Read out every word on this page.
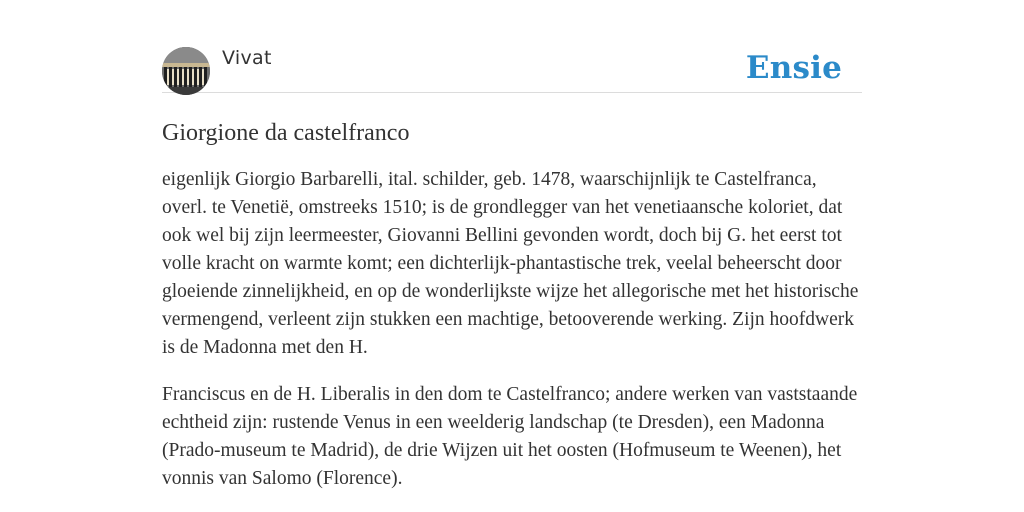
Vivat	Ensie
Giorgione da castelfranco

eigenlijk Giorgio Barbarelli, ital. schilder, geb. 1478, waarschijnlijk te Castelfranca, overl. te Venetië, omstreeks 1510; is de grondlegger van het venetiaansche koloriet, dat ook wel bij zijn leermeester, Giovanni Bellini gevonden wordt, doch bij G. het eerst tot volle kracht on warmte komt; een dichterlijk-phantastische trek, veelal beheerscht door gloeiende zinnelijkheid, en op de wonderlijkste wijze het allegorische met het historische vermengend, verleent zijn stukken een machtige, betooverende werking. Zijn hoofdwerk is de Madonna met den H.

Franciscus en de H. Liberalis in den dom te Castelfranco; andere werken van vaststaande echtheid zijn: rustende Venus in een weelderig landschap (te Dresden), een Madonna (Prado-museum te Madrid), de drie Wijzen uit het oosten (Hofmuseum te Weenen), het vonnis van Salomo (Florence).
